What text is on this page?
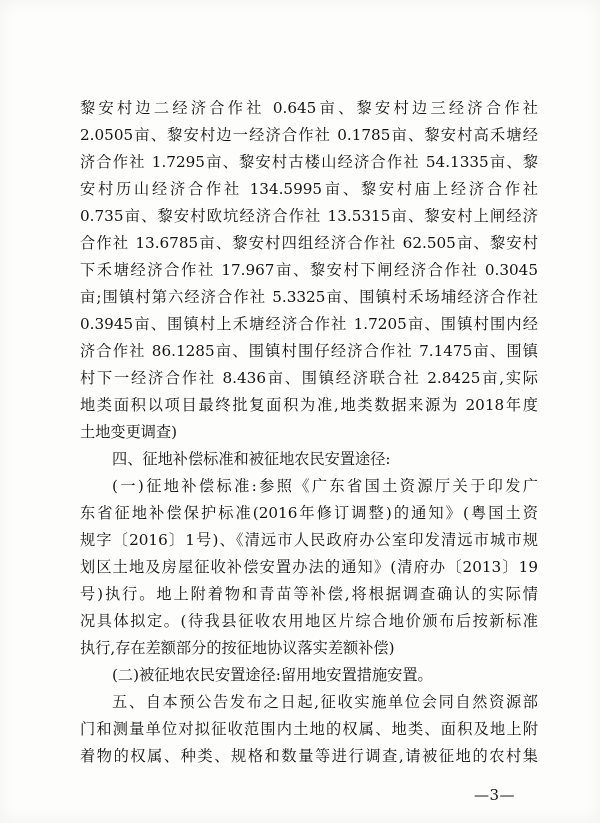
黎安村边二经济合作社 0.645亩、黎安村边三经济合作社
2.0505亩、黎安村边一经济合作社 0.1785亩、黎安村高禾塘经
济合作社 1.7295亩、黎安村古楼山经济合作社 54.1335亩、黎
安村历山经济合作社 134.5995亩、黎安村庙上经济合作社
0.735亩、黎安村欧坑经济合作社 13.5315亩、黎安村上闸经济
合作社 13.6785亩、黎安村四组经济合作社 62.505亩、黎安村
下禾塘经济合作社 17.967亩、黎安村下闸经济合作社 0.3045
亩;围镇村第六经济合作社 5.3325亩、围镇村禾场埔经济合作社
0.3945亩、围镇村上禾塘经济合作社 1.7205亩、围镇村围内经
济合作社 86.1285亩、围镇村围仔经济合作社 7.1475亩、围镇
村下一经济合作社 8.436亩、围镇经济联合社 2.8425亩,实际
地类面积以项目最终批复面积为准,地类数据来源为 2018年度
土地变更调查)
四、征地补偿标准和被征地农民安置途径:
(一)征地补偿标准:参照《广东省国土资源厅关于印发广
东省征地补偿保护标准(2016年修订调整)的通知》(粤国土资
规字〔2016〕1号)、《清远市人民政府办公室印发清远市城市规
划区土地及房屋征收补偿安置办法的通知》(清府办〔2013〕19
号)执行。地上附着物和青苗等补偿,将根据调查确认的实际情
况具体拟定。(待我县征收农用地区片综合地价颁布后按新标准
执行,存在差额部分的按征地协议落实差额补偿)
(二)被征地农民安置途径:留用地安置措施安置。
五、自本预公告发布之日起,征收实施单位会同自然资源部
门和测量单位对拟征收范围内土地的权属、地类、面积及地上附
着物的权属、种类、规格和数量等进行调查,请被征地的农村集
—3—
